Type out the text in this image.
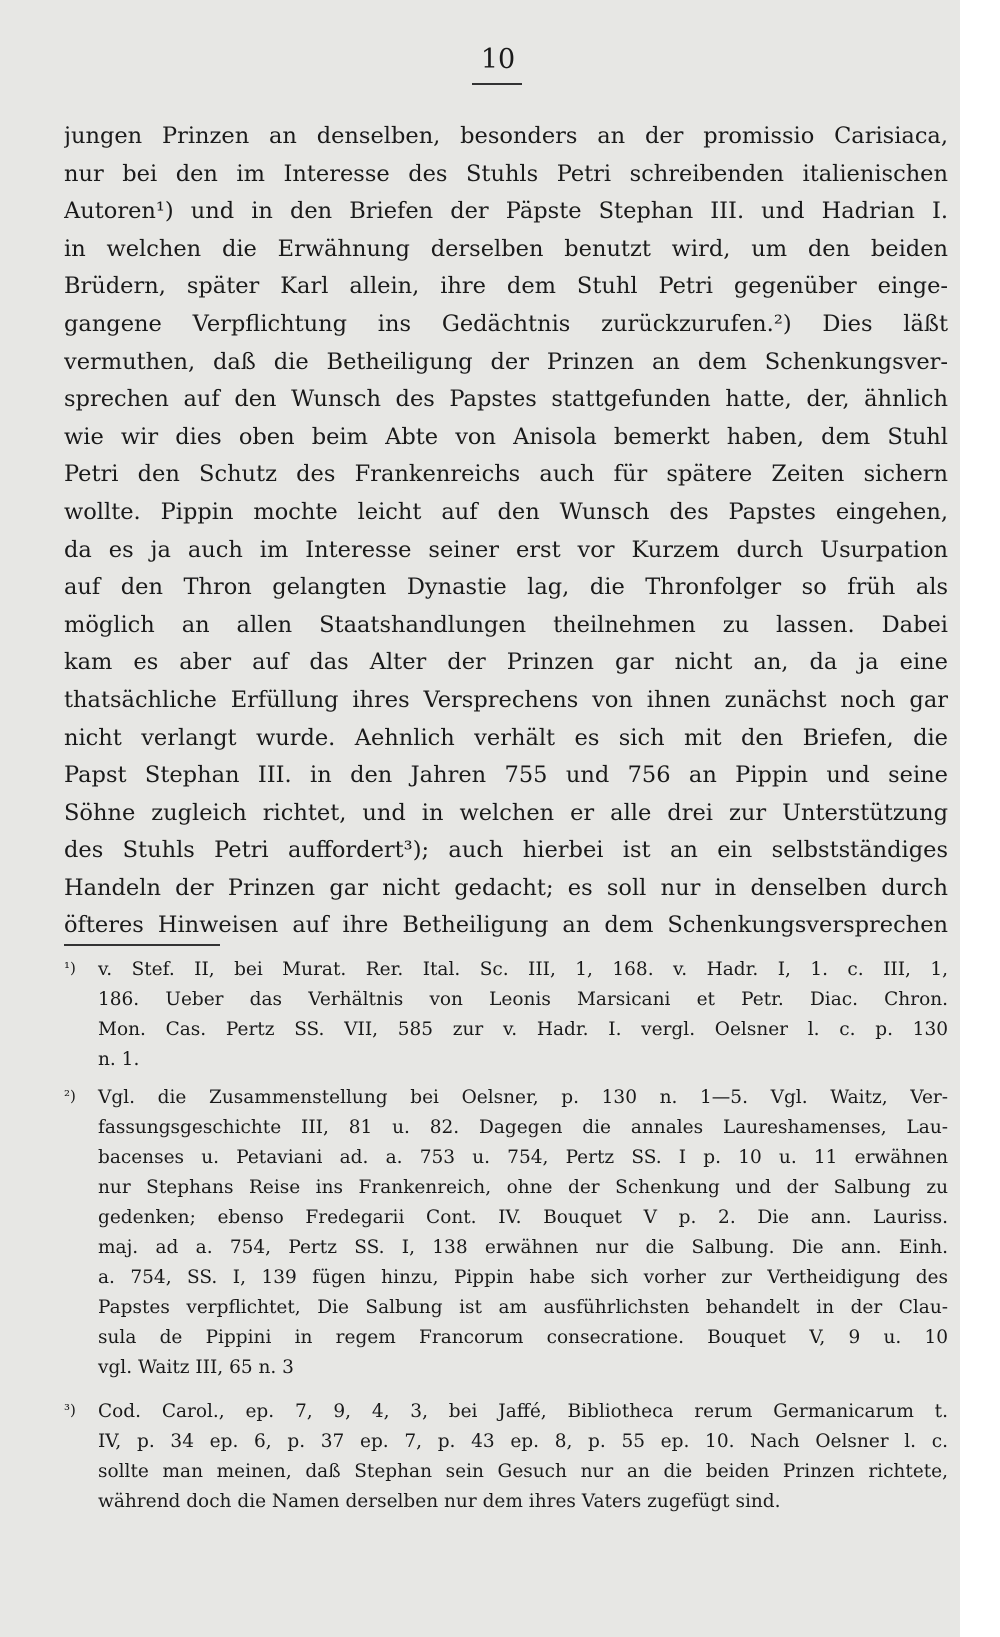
10
jungen Prinzen an denselben, besonders an der promissio Carisiaca,
nur bei den im Interesse des Stuhls Petri schreibenden italienischen
Autoren¹) und in den Briefen der Päpste Stephan III. und Hadrian I.
in welchen die Erwähnung derselben benutzt wird, um den beiden
Brüdern, später Karl allein, ihre dem Stuhl Petri gegenüber einge-
gangene Verpflichtung ins Gedächtnis zurückzurufen.²) Dies läßt
vermuthen, daß die Betheiligung der Prinzen an dem Schenkungsver-
sprechen auf den Wunsch des Papstes stattgefunden hatte, der, ähnlich
wie wir dies oben beim Abte von Anisola bemerkt haben, dem Stuhl
Petri den Schutz des Frankenreichs auch für spätere Zeiten sichern
wollte. Pippin mochte leicht auf den Wunsch des Papstes eingehen,
da es ja auch im Interesse seiner erst vor Kurzem durch Usurpation
auf den Thron gelangten Dynastie lag, die Thronfolger so früh als
möglich an allen Staatshandlungen theilnehmen zu lassen. Dabei
kam es aber auf das Alter der Prinzen gar nicht an, da ja eine
thatsächliche Erfüllung ihres Versprechens von ihnen zunächst noch gar
nicht verlangt wurde. Aehnlich verhält es sich mit den Briefen, die
Papst Stephan III. in den Jahren 755 und 756 an Pippin und seine
Söhne zugleich richtet, und in welchen er alle drei zur Unterstützung
des Stuhls Petri auffordert³); auch hierbei ist an ein selbstständiges
Handeln der Prinzen gar nicht gedacht; es soll nur in denselben durch
öfteres Hinweisen auf ihre Betheiligung an dem Schenkungsversprechen
¹)	v. Stef. II, bei Murat. Rer. Ital. Sc. III, 1, 168. v. Hadr. I, 1. c. III, 1,
186. Ueber das Verhältnis von Leonis Marsicani et Petr. Diac. Chron.
Mon. Cas. Pertz SS. VII, 585 zur v. Hadr. I. vergl. Oelsner l. c. p. 130
n. 1.
²)	Vgl. die Zusammenstellung bei Oelsner, p. 130 n. 1—5. Vgl. Waitz, Ver-
fassungsgeschichte III, 81 u. 82. Dagegen die annales Laureshamenses, Lau-
bacenses u. Petaviani ad. a. 753 u. 754, Pertz SS. I p. 10 u. 11 erwähnen
nur Stephans Reise ins Frankenreich, ohne der Schenkung und der Salbung zu
gedenken; ebenso Fredegarii Cont. IV. Bouquet V p. 2. Die ann. Lauriss.
maj. ad a. 754, Pertz SS. I, 138 erwähnen nur die Salbung. Die ann. Einh.
a. 754, SS. I, 139 fügen hinzu, Pippin habe sich vorher zur Vertheidigung des
Papstes verpflichtet, Die Salbung ist am ausführlichsten behandelt in der Clau-
sula de Pippini in regem Francorum consecratione. Bouquet V, 9 u. 10
vgl. Waitz III, 65 n. 3
³)	Cod. Carol., ep. 7, 9, 4, 3, bei Jaffé, Bibliotheca rerum Germanicarum t.
IV, p. 34 ep. 6, p. 37 ep. 7, p. 43 ep. 8, p. 55 ep. 10. Nach Oelsner l. c.
sollte man meinen, daß Stephan sein Gesuch nur an die beiden Prinzen richtete,
während doch die Namen derselben nur dem ihres Vaters zugefügt sind.
